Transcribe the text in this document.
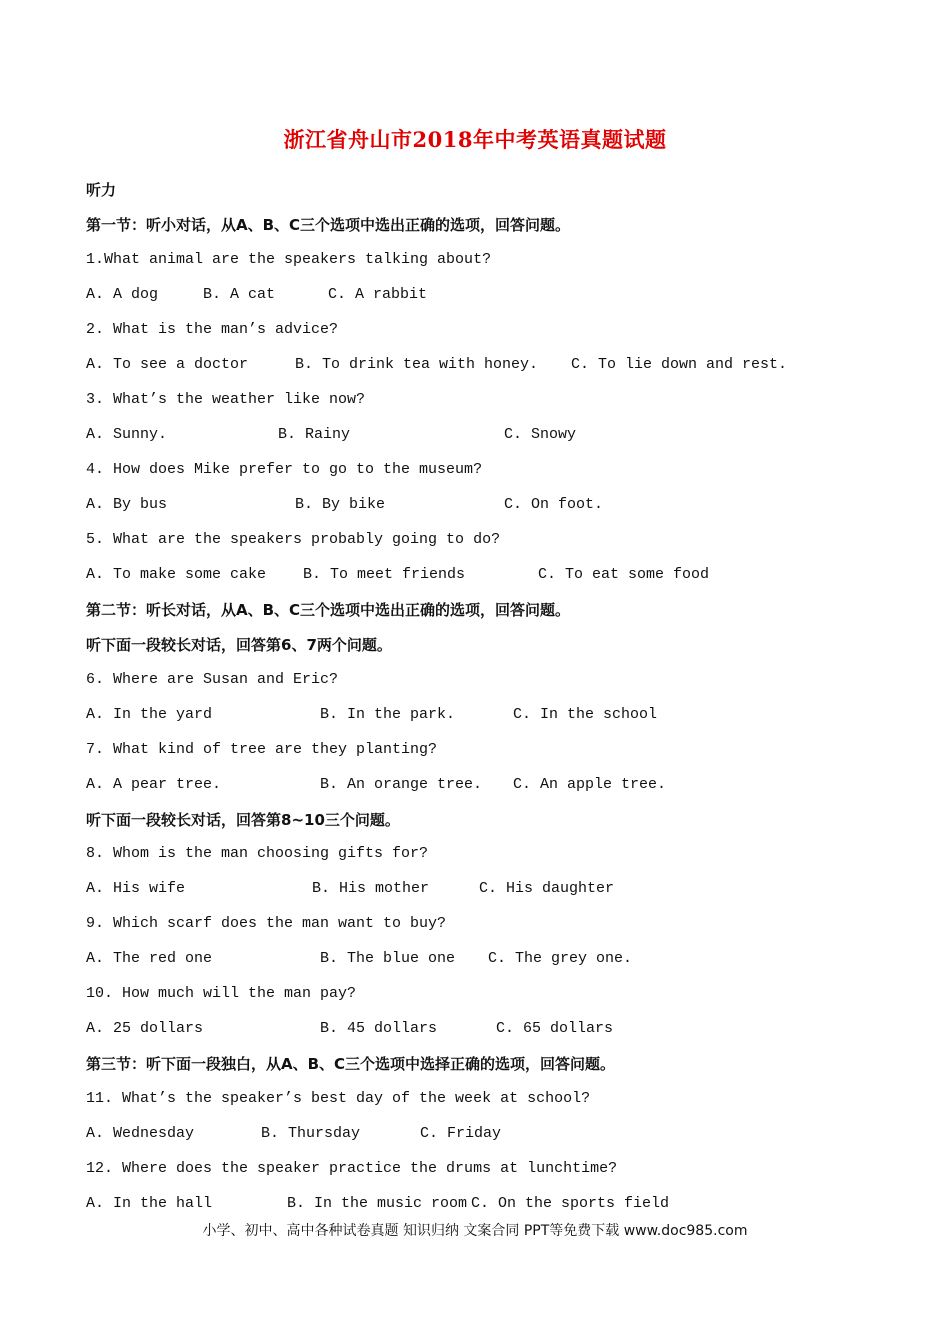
浙江省舟山市2018年中考英语真题试题
听力
第一节：听小对话，从A、B、C三个选项中选出正确的选项，回答问题。
1.What animal are the speakers talking about?
A. A dog	B. A cat	C. A rabbit
2. What is the man’s advice?
A. To see a doctor	B. To drink tea with honey. C. To lie down and rest.
3. What’s the weather like now?
A. Sunny.	B. Rainy	C. Snowy
4. How does Mike prefer to go to the museum?
A. By bus	B. By bike	C. On foot.
5. What are the speakers probably going to do?
A. To make some cake B. To meet friends	C. To eat some food
第二节：听长对话，从A、B、C三个选项中选出正确的选项，回答问题。
听下面一段较长对话，回答第6、7两个问题。
6. Where are Susan and Eric?
A. In the yard	B. In the park.	C. In the school
7. What kind of tree are they planting?
A. A pear tree.	B. An orange tree. C. An apple tree.
听下面一段较长对话，回答第8~10三个问题。
8. Whom is the man choosing gifts for?
A. His wife	B. His mother	C. His daughter
9. Which scarf does the man want to buy?
A. The red one	B. The blue one C. The grey one.
10. How much will the man pay?
A. 25 dollars	B. 45 dollars	C. 65 dollars
第三节：听下面一段独白，从A、B、C三个选项中选择正确的选项，回答问题。
11. What’s the speaker’s best day of the week at school?
A. Wednesday	B. Thursday	C. Friday
12. Where does the speaker practice the drums at lunchtime?
A. In the hall	B. In the music room C. On the sports field
小学、初中、高中各种试卷真题 知识归纳 文案合同 PPT等免费下载 www.doc985.com
